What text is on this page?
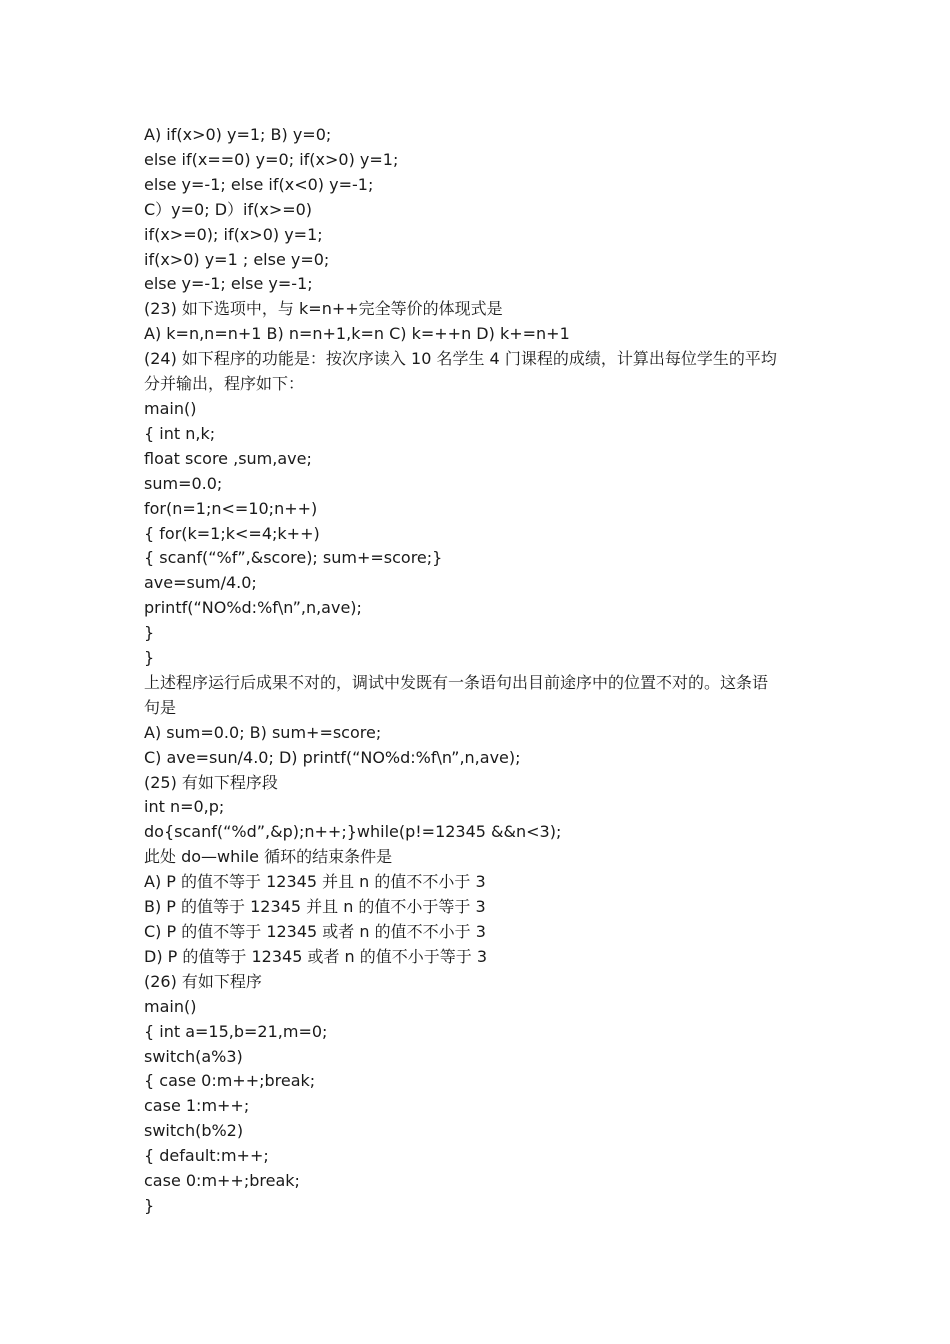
A) if(x>0) y=1; B) y=0;
else if(x==0) y=0; if(x>0) y=1;
else y=-1; else if(x<0) y=-1;
C）y=0; D）if(x>=0)
if(x>=0); if(x>0) y=1;
if(x>0) y=1 ; else y=0;
else y=-1; else y=-1;
(23) 如下选项中，与 k=n++完全等价的体现式是
A) k=n,n=n+1 B) n=n+1,k=n C) k=++n D) k+=n+1
(24) 如下程序的功能是：按次序读入 10 名学生 4 门课程的成绩，计算出每位学生的平均
分并输出，程序如下：
main()
{ int n,k;
float score ,sum,ave;
sum=0.0;
for(n=1;n<=10;n++)
{ for(k=1;k<=4;k++)
{ scanf(“%f”,&score); sum+=score;}
ave=sum/4.0;
printf(“NO%d:%f\n”,n,ave);
}
}
上述程序运行后成果不对的，调试中发既有一条语句出目前途序中的位置不对的。这条语
句是
A) sum=0.0; B) sum+=score;
C) ave=sun/4.0; D) printf(“NO%d:%f\n”,n,ave);
(25) 有如下程序段
int n=0,p;
do{scanf(“%d”,&p);n++;}while(p!=12345 &&n<3);
此处 do—while 循环的结束条件是
A) P 的值不等于 12345 并且 n 的值不不小于 3
B) P 的值等于 12345 并且 n 的值不小于等于 3
C) P 的值不等于 12345 或者 n 的值不不小于 3
D) P 的值等于 12345 或者 n 的值不小于等于 3
(26) 有如下程序
main()
{ int a=15,b=21,m=0;
switch(a%3)
{ case 0:m++;break;
case 1:m++;
switch(b%2)
{ default:m++;
case 0:m++;break;
}
